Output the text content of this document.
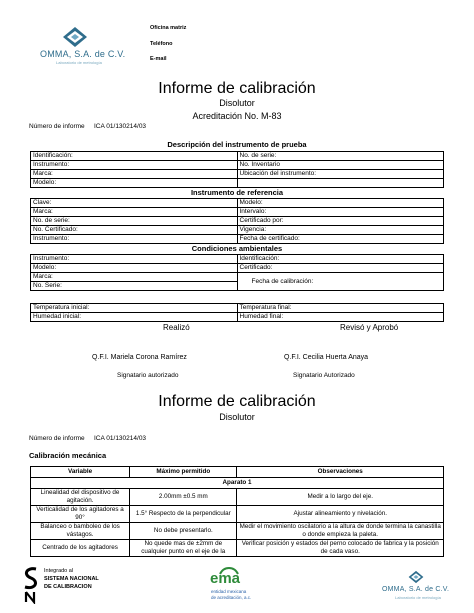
OMMA, S.A. de C.V.
Laboratorio de metrología
Oficina matriz
Teléfono
E-mail
Informe de calibración
Disolutor
Acreditación No. M-83
Número de informe ICA 01/130214/03
Descripción del instrumento de prueba
Identificación:	No. de serie:
Instrumento:	No. Inventario
Marca:	Ubicación del instrumento:
Modelo:	
Instrumento de referencia
Clave:	Modelo:
Marca:	Intervalo:
No. de serie:	Certificado por:
No. Certificado:	Vigencia:
Instrumento:	Fecha de certificado:
Condiciones ambientales
Instrumento:	Identificación:
Modelo:	Certificado:
Marca:	Fecha de calibración:
No. Serie:	
Temperatura inicial:	Temperatura final:
Humedad inicial:	Humedad final:
Realizó	Revisó y Aprobó
Q.F.I. Mariela Corona Ramírez	Q.F.I. Cecilia Huerta Anaya
Signatario autorizado	Signatario Autorizado
Informe de calibración
Disolutor
Número de informe ICA 01/130214/03
Calibración mecánica
Variable	Máximo permitido	Observaciones
Aparato 1		
Linealidad del dispositivo de agitación.	2.00mm ±0.5 mm	Medir a lo largo del eje.
Verticalidad de los agitadores a 90°	1.5° Respecto de la perpendicular	Ajustar alineamiento y nivelación.
Balanceo o bamboleo de los vástagos.	No debe presentarlo.	Medir el movimiento oscilatorio a la altura de donde termina la canastilla o donde empieza la paleta.
Centrado de los agitadores	No quede mas de ±2mm de cualquier punto en el eje de la	Verificar posición y estados del perno colocado de fabrica y la posición de cada vaso.
Integrado al
SISTEMA NACIONAL
DE CALIBRACION	ema
entidad mexicana
de acreditación, a.c.
OMMA, S.A. de C.V.
Laboratorio de metrología
